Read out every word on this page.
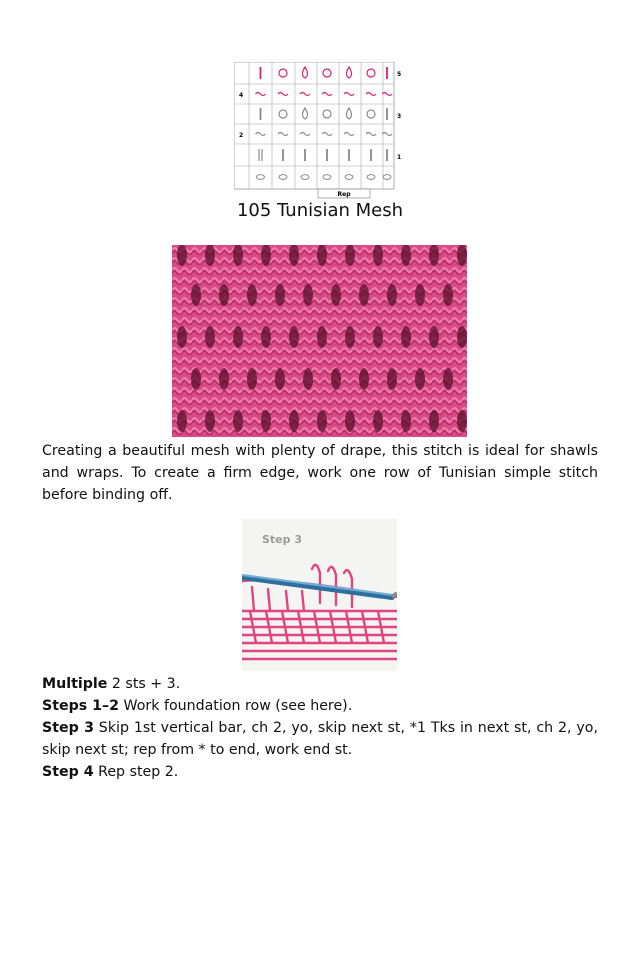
4
2
5
3
1
Rep
105 Tunisian Mesh

Creating a beautiful mesh with plenty of drape, this stitch is ideal for shawls and wraps. To create a firm edge, work one row of Tunisian simple stitch before binding off.

Step 3

Multiple 2 sts + 3.

Steps 1–2 Work foundation row (see here).

Step 3 Skip 1st vertical bar, ch 2, yo, skip next st, *1 Tks in next st, ch 2, yo, skip next st; rep from * to end, work end st.

Step 4 Rep step 2.
